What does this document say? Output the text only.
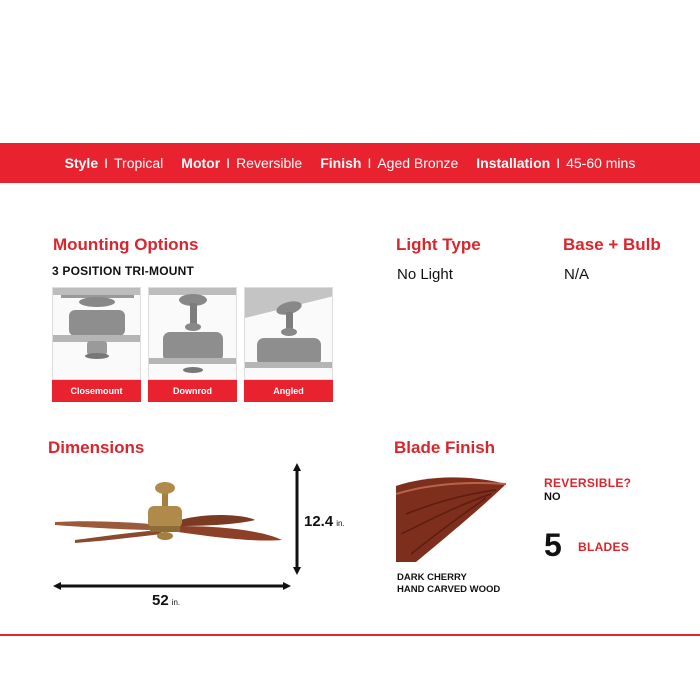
Style I Tropical Motor I Reversible Finish I Aged Bronze Installation I 45-60 mins
Mounting Options
3 POSITION TRI-MOUNT
Closemount	Downrod	Angled
Light Type
No Light
Base + Bulb
N/A
Dimensions
12.4 in.
52 in.
Blade Finish
DARK CHERRY
HAND CARVED WOOD
REVERSIBLE?
NO
5 BLADES
